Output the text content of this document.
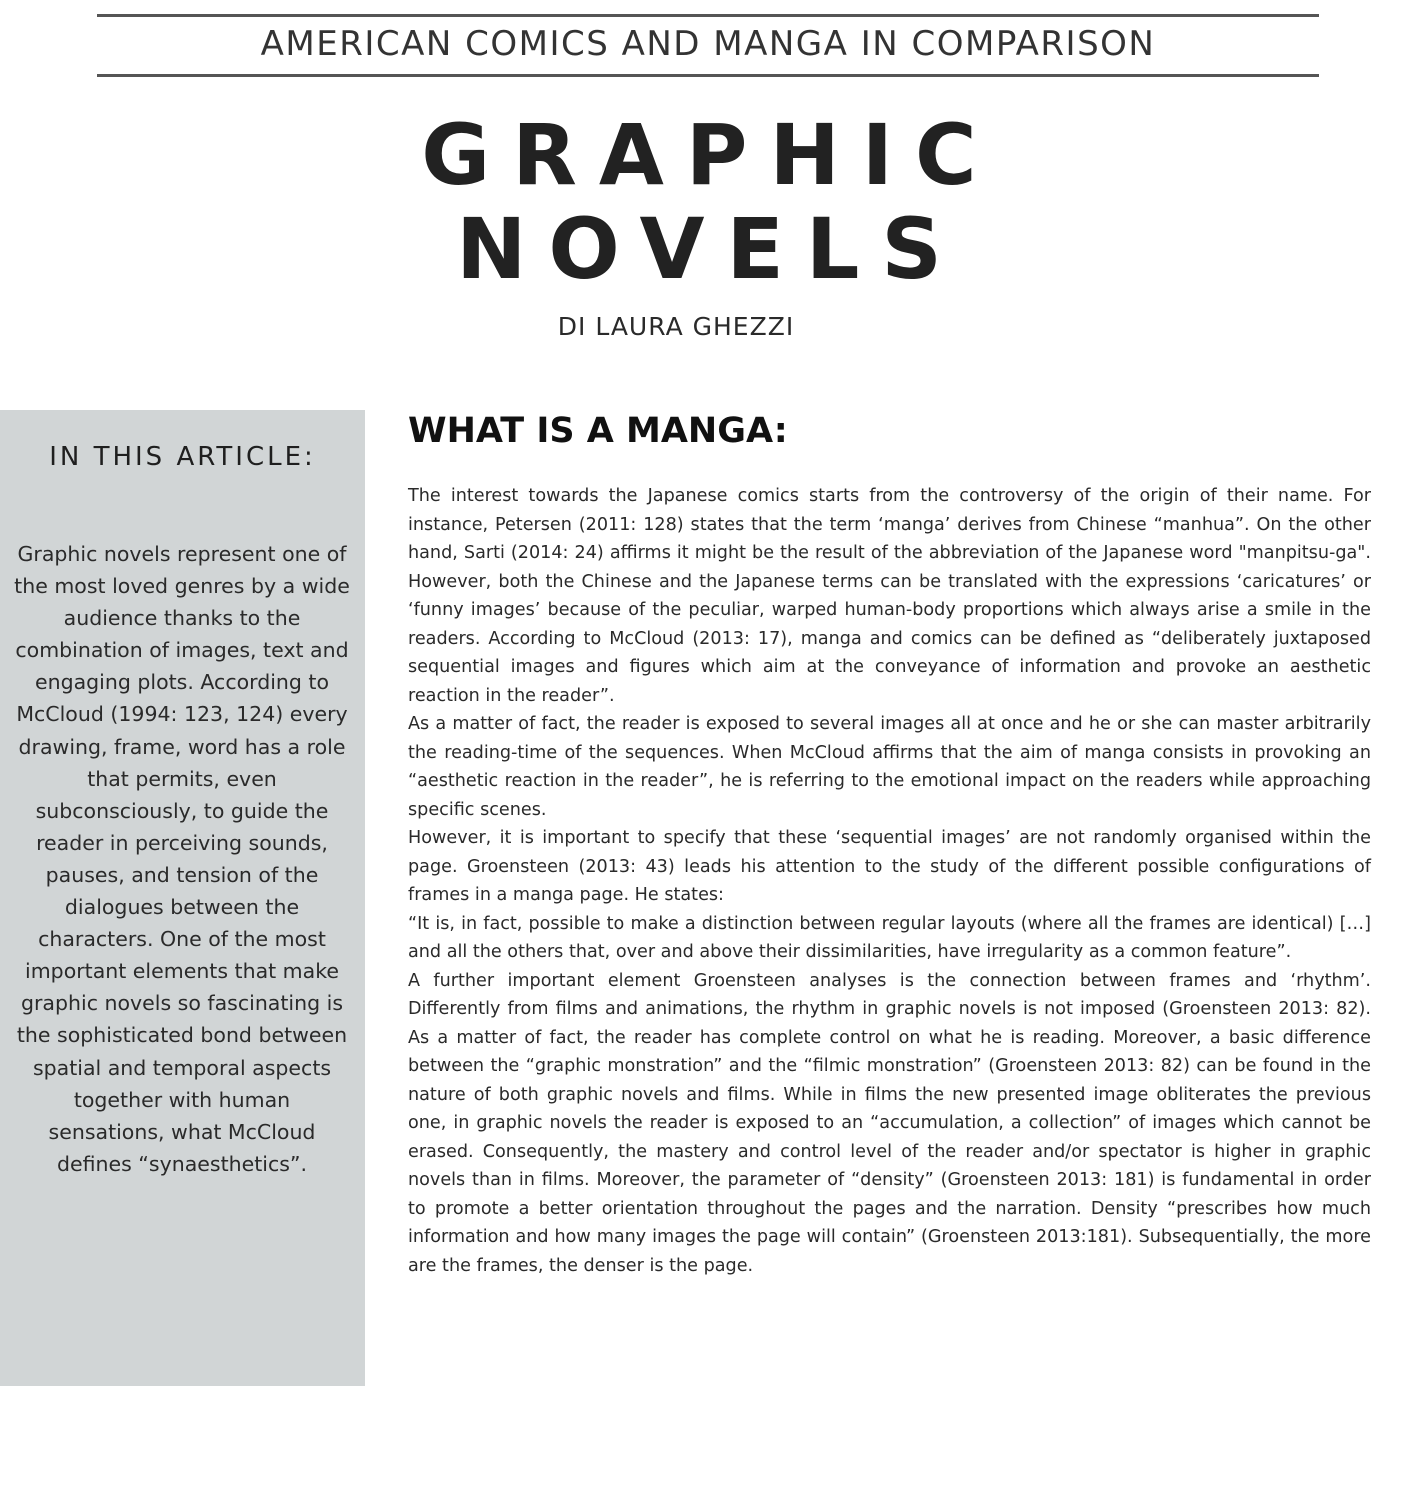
AMERICAN COMICS AND MANGA IN COMPARISON
GRAPHIC
NOVELS
DI LAURA GHEZZI
IN THIS ARTICLE:

Graphic novels represent one of the most loved genres by a wide audience thanks to the combination of images, text and engaging plots. According to McCloud (1994: 123, 124) every drawing, frame, word has a role that permits, even subconsciously, to guide the reader in perceiving sounds, pauses, and tension of the dialogues between the characters. One of the most important elements that make graphic novels so fascinating is the sophisticated bond between spatial and temporal aspects together with human sensations, what McCloud defines “synaesthetics”.

WHAT IS A MANGA:

The interest towards the Japanese comics starts from the controversy of the origin of their name. For instance, Petersen (2011: 128) states that the term ‘manga’ derives from Chinese “manhua”. On the other hand, Sarti (2014: 24) affirms it might be the result of the abbreviation of the Japanese word "manpitsu-ga". However, both the Chinese and the Japanese terms can be translated with the expressions ‘caricatures’ or ‘funny images’ because of the peculiar, warped human-body proportions which always arise a smile in the readers. According to McCloud (2013: 17), manga and comics can be defined as “deliberately juxtaposed sequential images and figures which aim at the conveyance of information and provoke an aesthetic reaction in the reader”.

As a matter of fact, the reader is exposed to several images all at once and he or she can master arbitrarily the reading-time of the sequences. When McCloud affirms that the aim of manga consists in provoking an “aesthetic reaction in the reader”, he is referring to the emotional impact on the readers while approaching specific scenes.

However, it is important to specify that these ‘sequential images’ are not randomly organised within the page. Groensteen (2013: 43) leads his attention to the study of the different possible configurations of frames in a manga page. He states:

“It is, in fact, possible to make a distinction between regular layouts (where all the frames are identical) […] and all the others that, over and above their dissimilarities, have irregularity as a common feature”.

A further important element Groensteen analyses is the connection between frames and ‘rhythm’. Differently from films and animations, the rhythm in graphic novels is not imposed (Groensteen 2013: 82). As a matter of fact, the reader has complete control on what he is reading. Moreover, a basic difference between the “graphic monstration” and the “filmic monstration” (Groensteen 2013: 82) can be found in the nature of both graphic novels and films. While in films the new presented image obliterates the previous one, in graphic novels the reader is exposed to an “accumulation, a collection” of images which cannot be erased. Consequently, the mastery and control level of the reader and/or spectator is higher in graphic novels than in films. Moreover, the parameter of “density” (Groensteen 2013: 181) is fundamental in order to promote a better orientation throughout the pages and the narration. Density “prescribes how much information and how many images the page will contain” (Groensteen 2013:181). Subsequentially, the more are the frames, the denser is the page.
